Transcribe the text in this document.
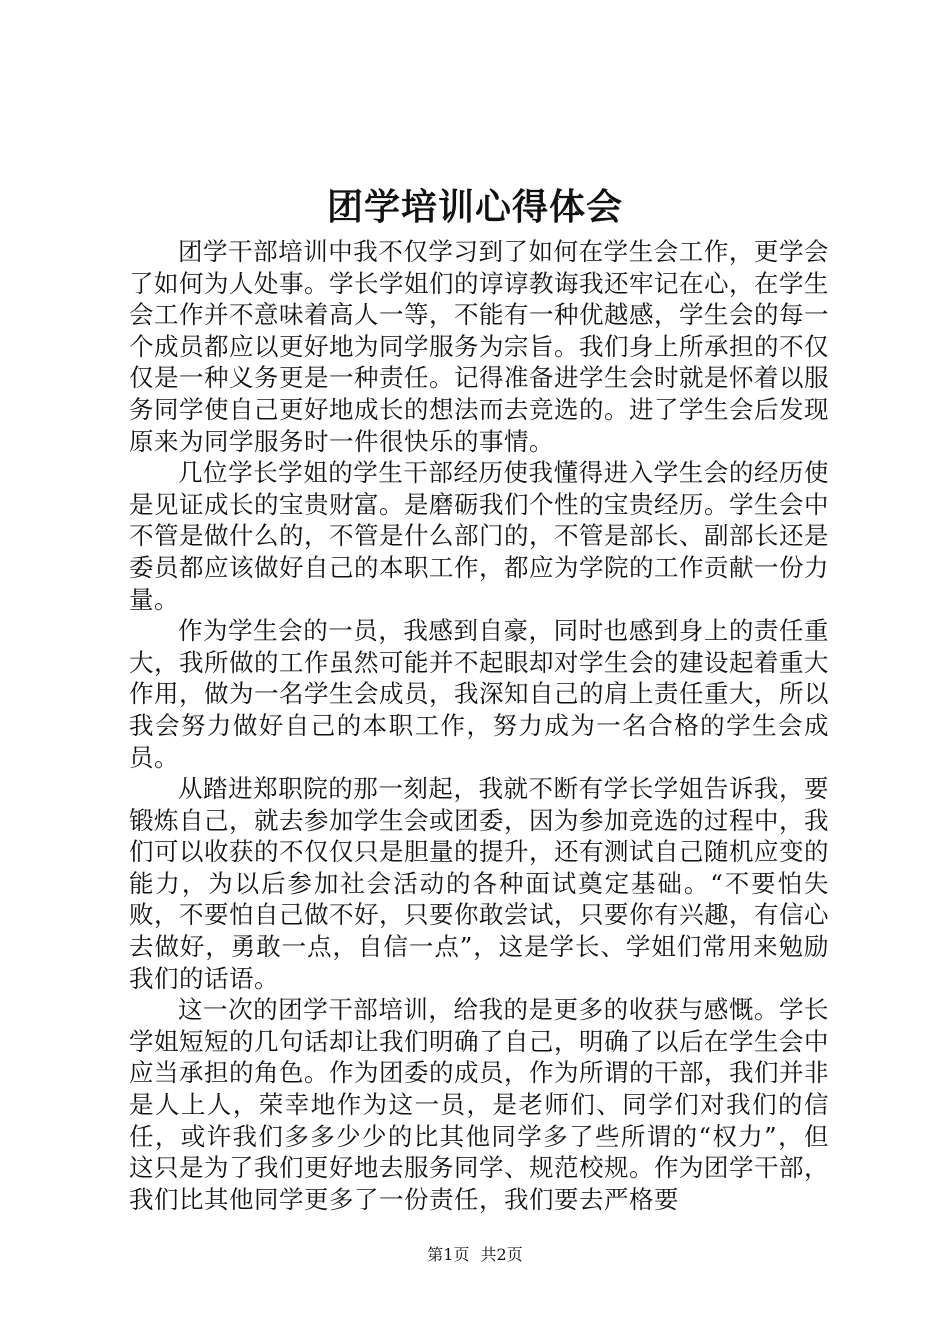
团学培训心得体会

团学干部培训中我不仅学习到了如何在学生会工作，更学会了如何为人处事。学长学姐们的谆谆教诲我还牢记在心，在学生会工作并不意味着高人一等，不能有一种优越感，学生会的每一个成员都应以更好地为同学服务为宗旨。我们身上所承担的不仅仅是一种义务更是一种责任。记得准备进学生会时就是怀着以服务同学使自己更好地成长的想法而去竞选的。进了学生会后发现原来为同学服务时一件很快乐的事情。

几位学长学姐的学生干部经历使我懂得进入学生会的经历使是见证成长的宝贵财富。是磨砺我们个性的宝贵经历。学生会中不管是做什么的，不管是什么部门的，不管是部长、副部长还是委员都应该做好自己的本职工作，都应为学院的工作贡献一份力量。

作为学生会的一员，我感到自豪，同时也感到身上的责任重大，我所做的工作虽然可能并不起眼却对学生会的建设起着重大作用，做为一名学生会成员，我深知自己的肩上责任重大，所以我会努力做好自己的本职工作，努力成为一名合格的学生会成员。

从踏进郑职院的那一刻起，我就不断有学长学姐告诉我，要锻炼自己，就去参加学生会或团委，因为参加竞选的过程中，我们可以收获的不仅仅只是胆量的提升，还有测试自己随机应变的能力，为以后参加社会活动的各种面试奠定基础。“不要怕失败，不要怕自己做不好，只要你敢尝试，只要你有兴趣，有信心去做好，勇敢一点，自信一点”，这是学长、学姐们常用来勉励我们的话语。

这一次的团学干部培训，给我的是更多的收获与感慨。学长学姐短短的几句话却让我们明确了自己，明确了以后在学生会中应当承担的角色。作为团委的成员，作为所谓的干部，我们并非是人上人，荣幸地作为这一员，是老师们、同学们对我们的信任，或许我们多多少少的比其他同学多了些所谓的“权力”，但这只是为了我们更好地去服务同学、规范校规。作为团学干部，我们比其他同学更多了一份责任，我们要去严格要

第1页 共2页
